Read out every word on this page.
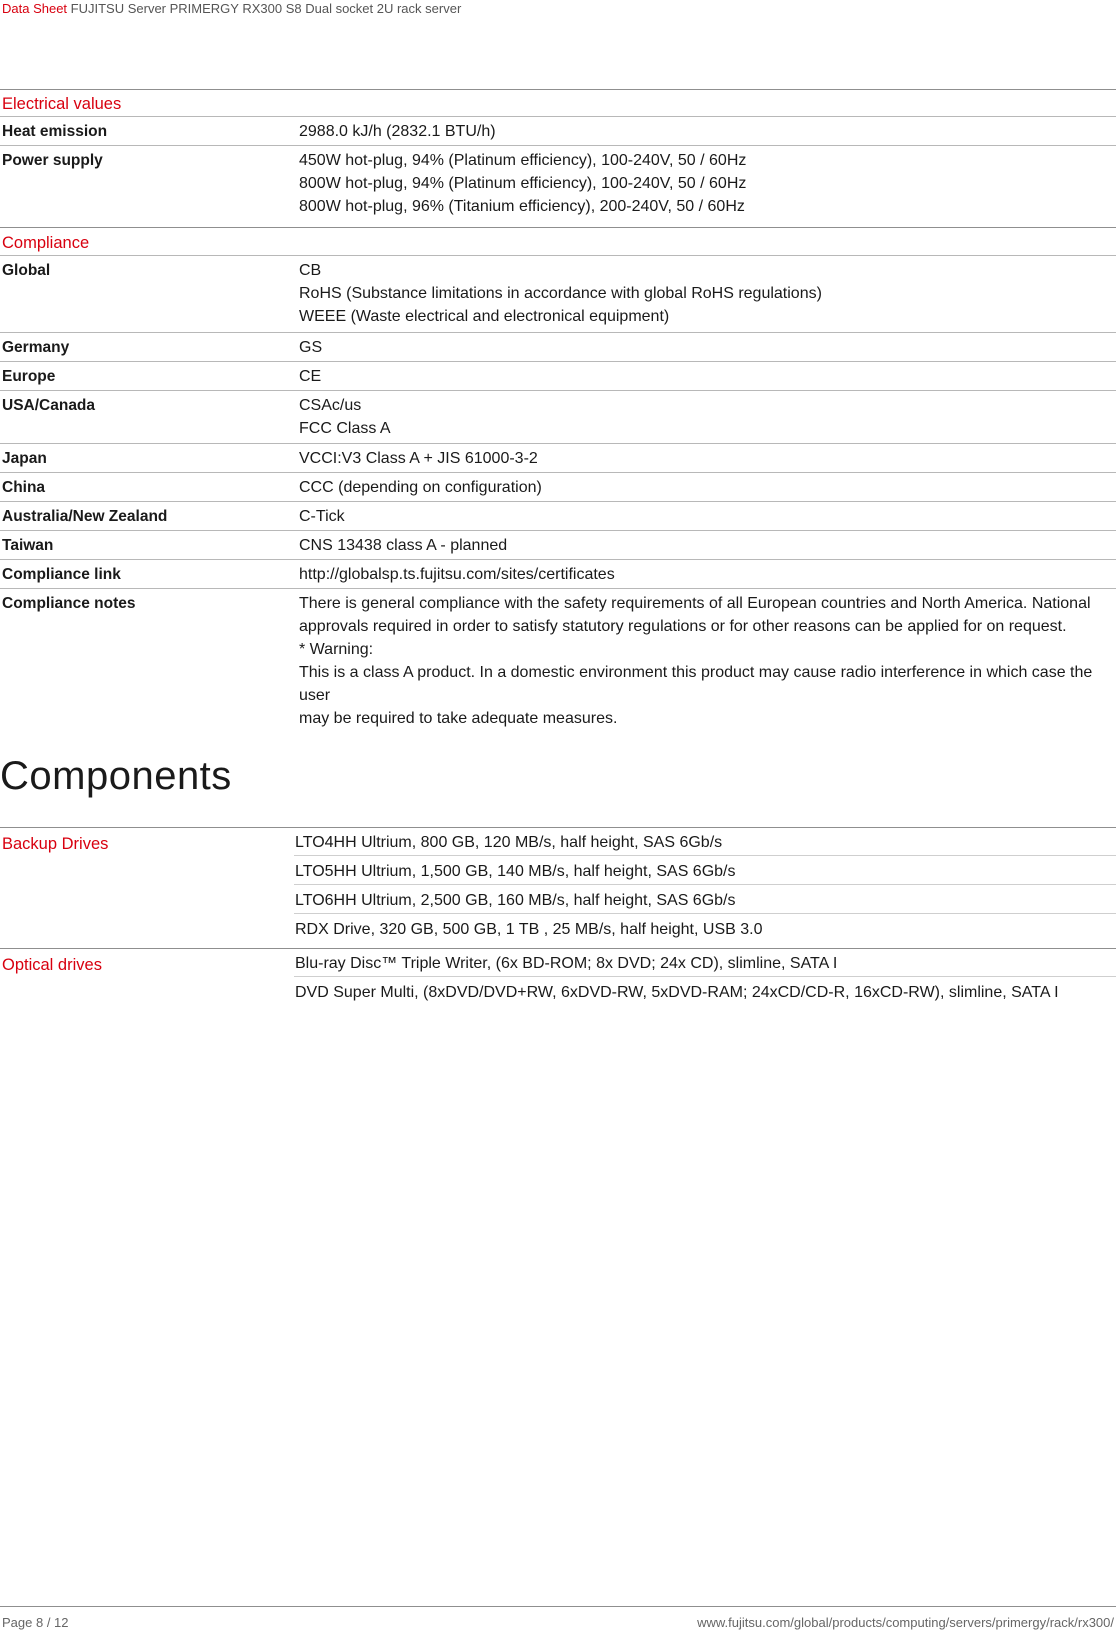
Data Sheet FUJITSU Server PRIMERGY RX300 S8 Dual socket 2U rack server
Electrical values
Heat emission	2988.0 kJ/h (2832.1 BTU/h)
Power supply	450W hot-plug, 94% (Platinum efficiency), 100-240V, 50 / 60Hz
800W hot-plug, 94% (Platinum efficiency), 100-240V, 50 / 60Hz
800W hot-plug, 96% (Titanium efficiency), 200-240V, 50 / 60Hz
Compliance
Global	CB
RoHS (Substance limitations in accordance with global RoHS regulations)
WEEE (Waste electrical and electronical equipment)
Germany	GS
Europe	CE
USA/Canada	CSAc/us
FCC Class A
Japan	VCCI:V3 Class A + JIS 61000-3-2
China	CCC (depending on configuration)
Australia/New Zealand	C-Tick
Taiwan	CNS 13438 class A - planned
Compliance link	http://globalsp.ts.fujitsu.com/sites/certificates
Compliance notes	There is general compliance with the safety requirements of all European countries and North America. National
approvals required in order to satisfy statutory regulations or for other reasons can be applied for on request.
* Warning:
This is a class A product. In a domestic environment this product may cause radio interference in which case the user
may be required to take adequate measures.
Components
Backup Drives	LTO4HH Ultrium, 800 GB, 120 MB/s, half height, SAS 6Gb/s
LTO5HH Ultrium, 1,500 GB, 140 MB/s, half height, SAS 6Gb/s
LTO6HH Ultrium, 2,500 GB, 160 MB/s, half height, SAS 6Gb/s
RDX Drive, 320 GB, 500 GB, 1 TB , 25 MB/s, half height, USB 3.0
Optical drives	Blu-ray Disc™ Triple Writer, (6x BD-ROM; 8x DVD; 24x CD), slimline, SATA I
DVD Super Multi, (8xDVD/DVD+RW, 6xDVD-RW, 5xDVD-RAM; 24xCD/CD-R, 16xCD-RW), slimline, SATA I
Page 8 / 12	www.fujitsu.com/global/products/computing/servers/primergy/rack/rx300/
